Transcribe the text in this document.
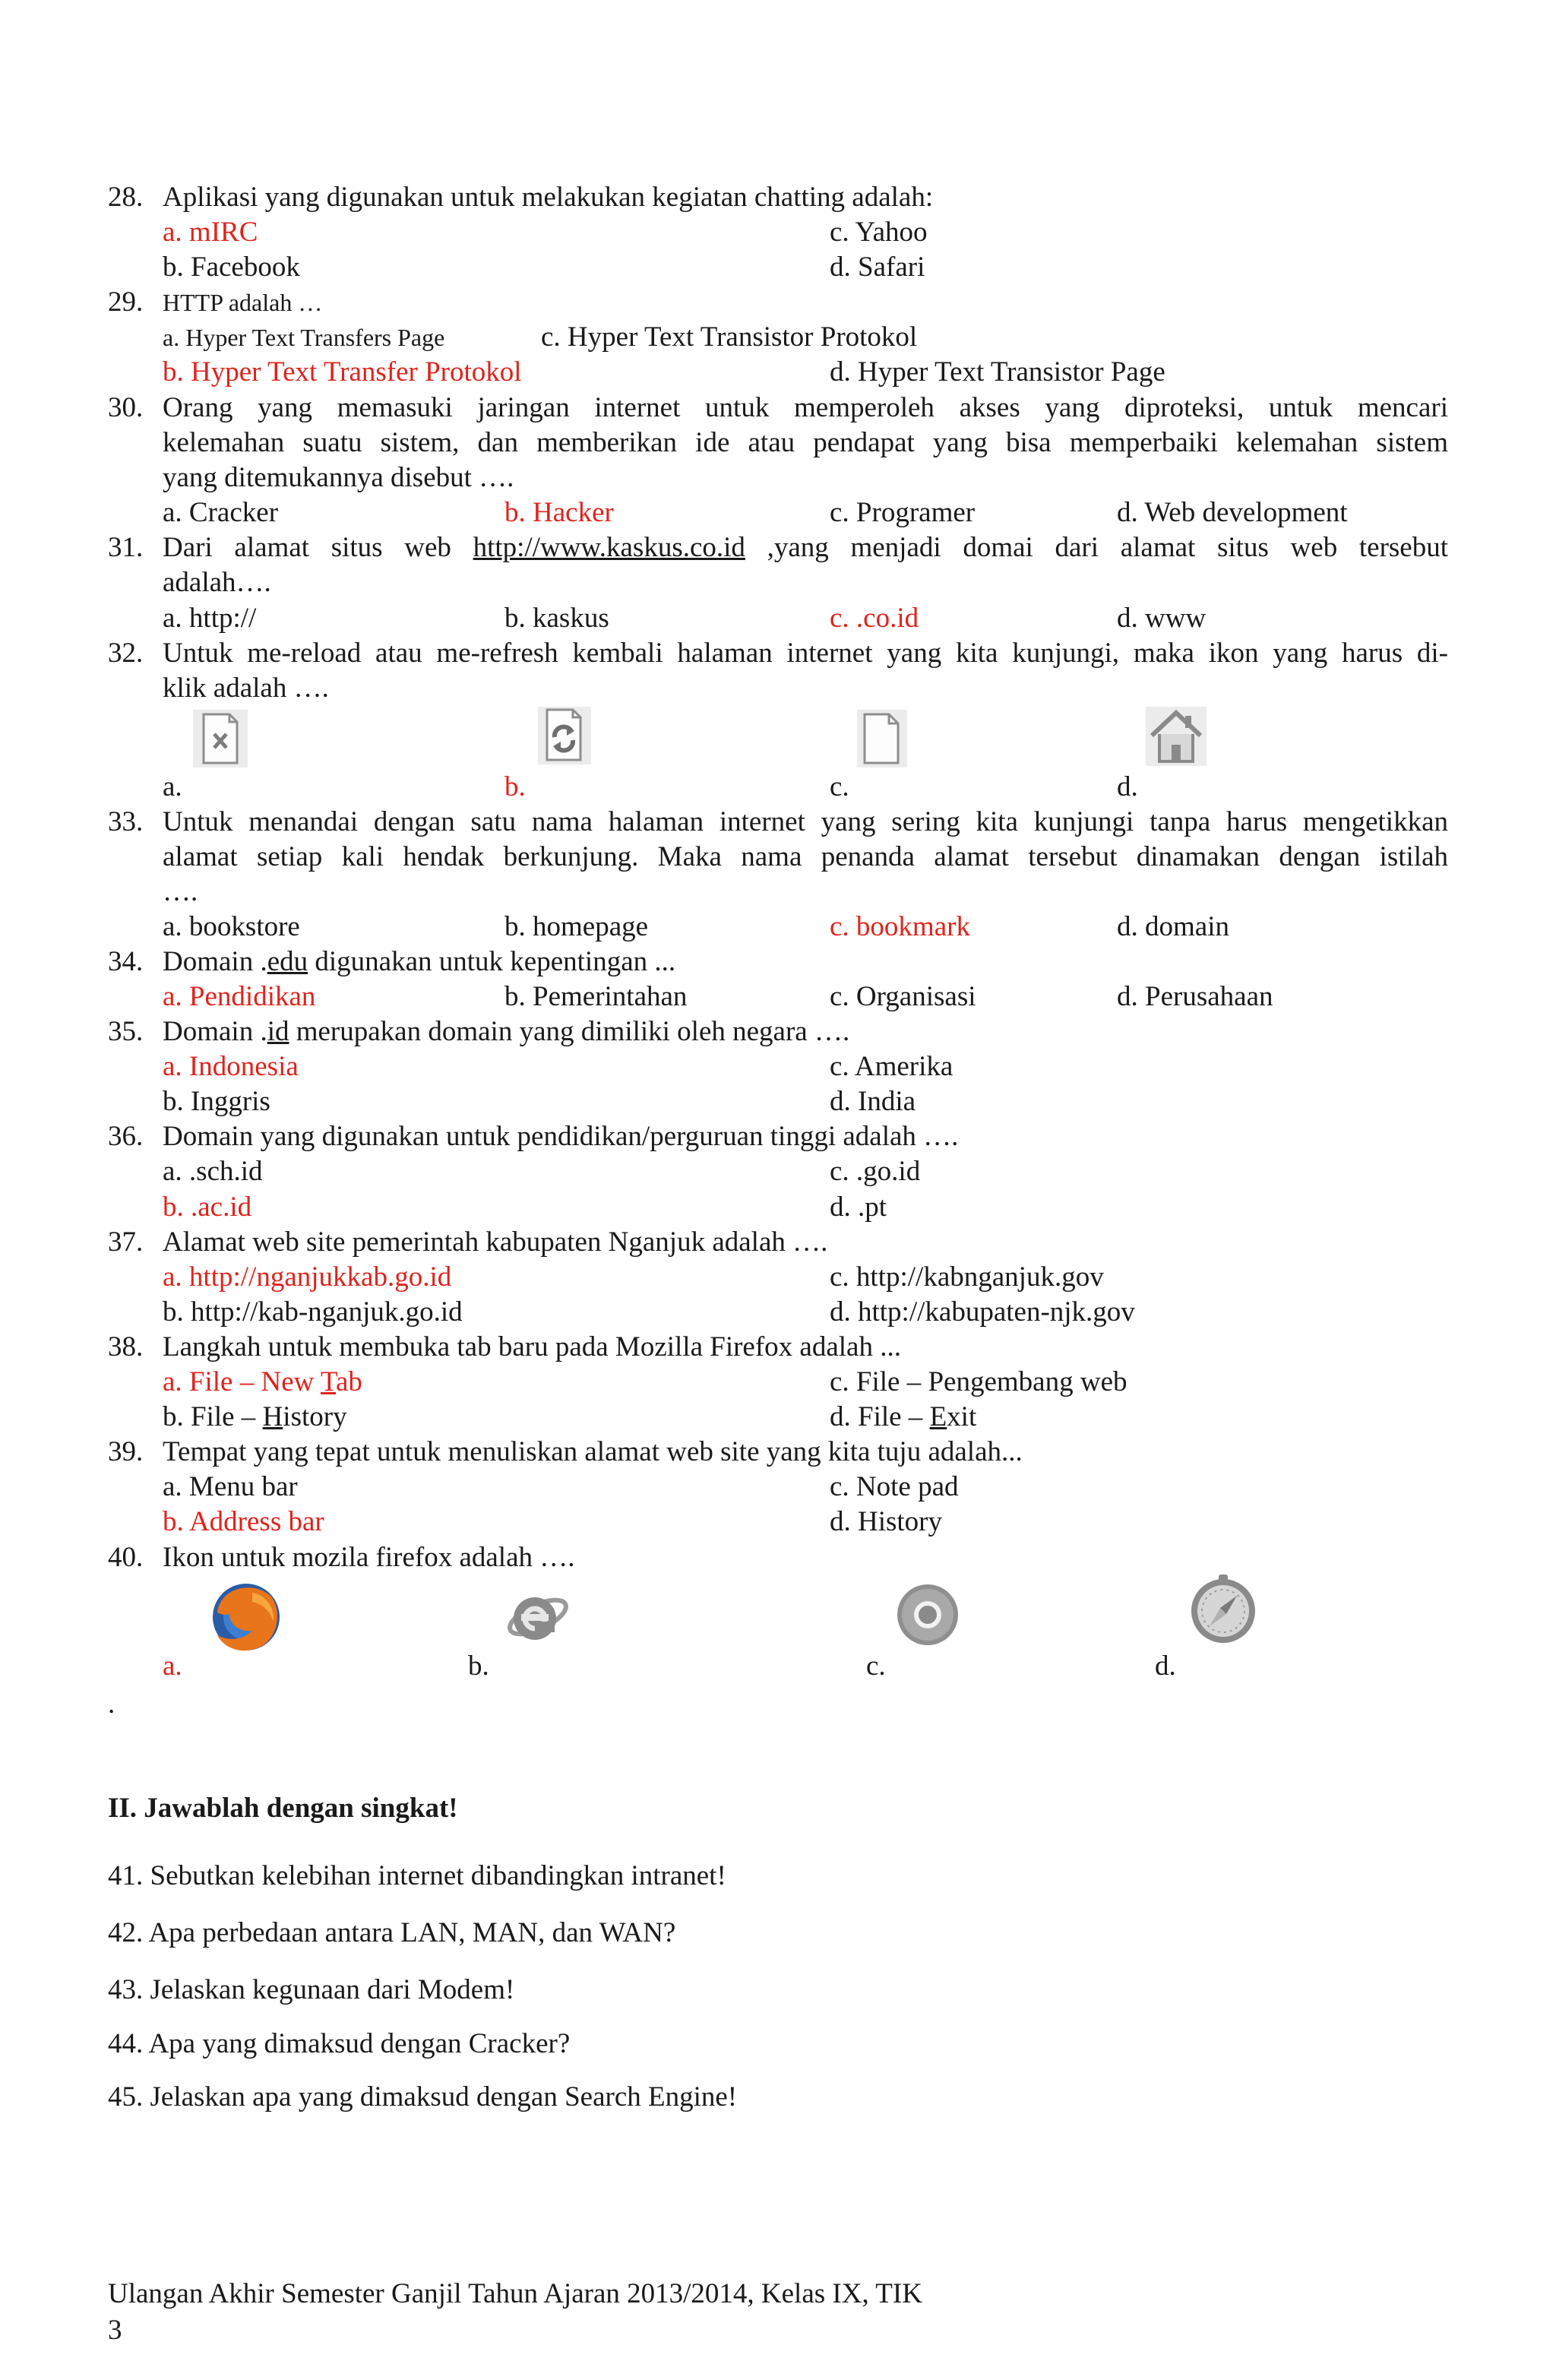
28. Aplikasi yang digunakan untuk melakukan kegiatan chatting adalah:
a. mIRC	c. Yahoo
b. Facebook	d. Safari
29. HTTP adalah …
a. Hyper Text Transfers Page	c. Hyper Text Transistor Protokol
b. Hyper Text Transfer Protokol	d. Hyper Text Transistor Page
30. Orang yang memasuki jaringan internet untuk memperoleh akses yang diproteksi, untuk mencari
kelemahan suatu sistem, dan memberikan ide atau pendapat yang bisa memperbaiki kelemahan sistem
yang ditemukannya disebut ….
a. Cracker	b. Hacker	c. Programer	d. Web development
31. Dari alamat situs web http://www.kaskus.co.id ,yang menjadi domai dari alamat situs web tersebut
adalah….
a. http://	b. kaskus	c. .co.id	d. www
32. Untuk me-reload atau me-refresh kembali halaman internet yang kita kunjungi, maka ikon yang harus di-
klik adalah ….
a.	b.	c.	d.
33. Untuk menandai dengan satu nama halaman internet yang sering kita kunjungi tanpa harus mengetikkan
alamat setiap kali hendak berkunjung. Maka nama penanda alamat tersebut dinamakan dengan istilah
….
a. bookstore	b. homepage	c. bookmark	d. domain
34. Domain .edu digunakan untuk kepentingan ...
a. Pendidikan	b. Pemerintahan	c. Organisasi	d. Perusahaan
35. Domain .id merupakan domain yang dimiliki oleh negara ….
a. Indonesia	c. Amerika
b. Inggris	d. India
36. Domain yang digunakan untuk pendidikan/perguruan tinggi adalah ….
a. .sch.id	c. .go.id
b. .ac.id	d. .pt
37. Alamat web site pemerintah kabupaten Nganjuk adalah ….
a. http://nganjukkab.go.id	c. http://kabnganjuk.gov
b. http://kab-nganjuk.go.id	d. http://kabupaten-njk.gov
38. Langkah untuk membuka tab baru pada Mozilla Firefox adalah ...
a. File – New Tab	c. File – Pengembang web
b. File – History	d. File – Exit
39. Tempat yang tepat untuk menuliskan alamat web site yang kita tuju adalah...
a. Menu bar	c. Note pad
b. Address bar	d. History
40. Ikon untuk mozila firefox adalah ….
a.	b.	c.	d.
.
II. Jawablah dengan singkat!
41. Sebutkan kelebihan internet dibandingkan intranet!
42. Apa perbedaan antara LAN, MAN, dan WAN?
43. Jelaskan kegunaan dari Modem!
44. Apa yang dimaksud dengan Cracker?
45. Jelaskan apa yang dimaksud dengan Search Engine!
Ulangan Akhir Semester Ganjil Tahun Ajaran 2013/2014, Kelas IX, TIK
3
